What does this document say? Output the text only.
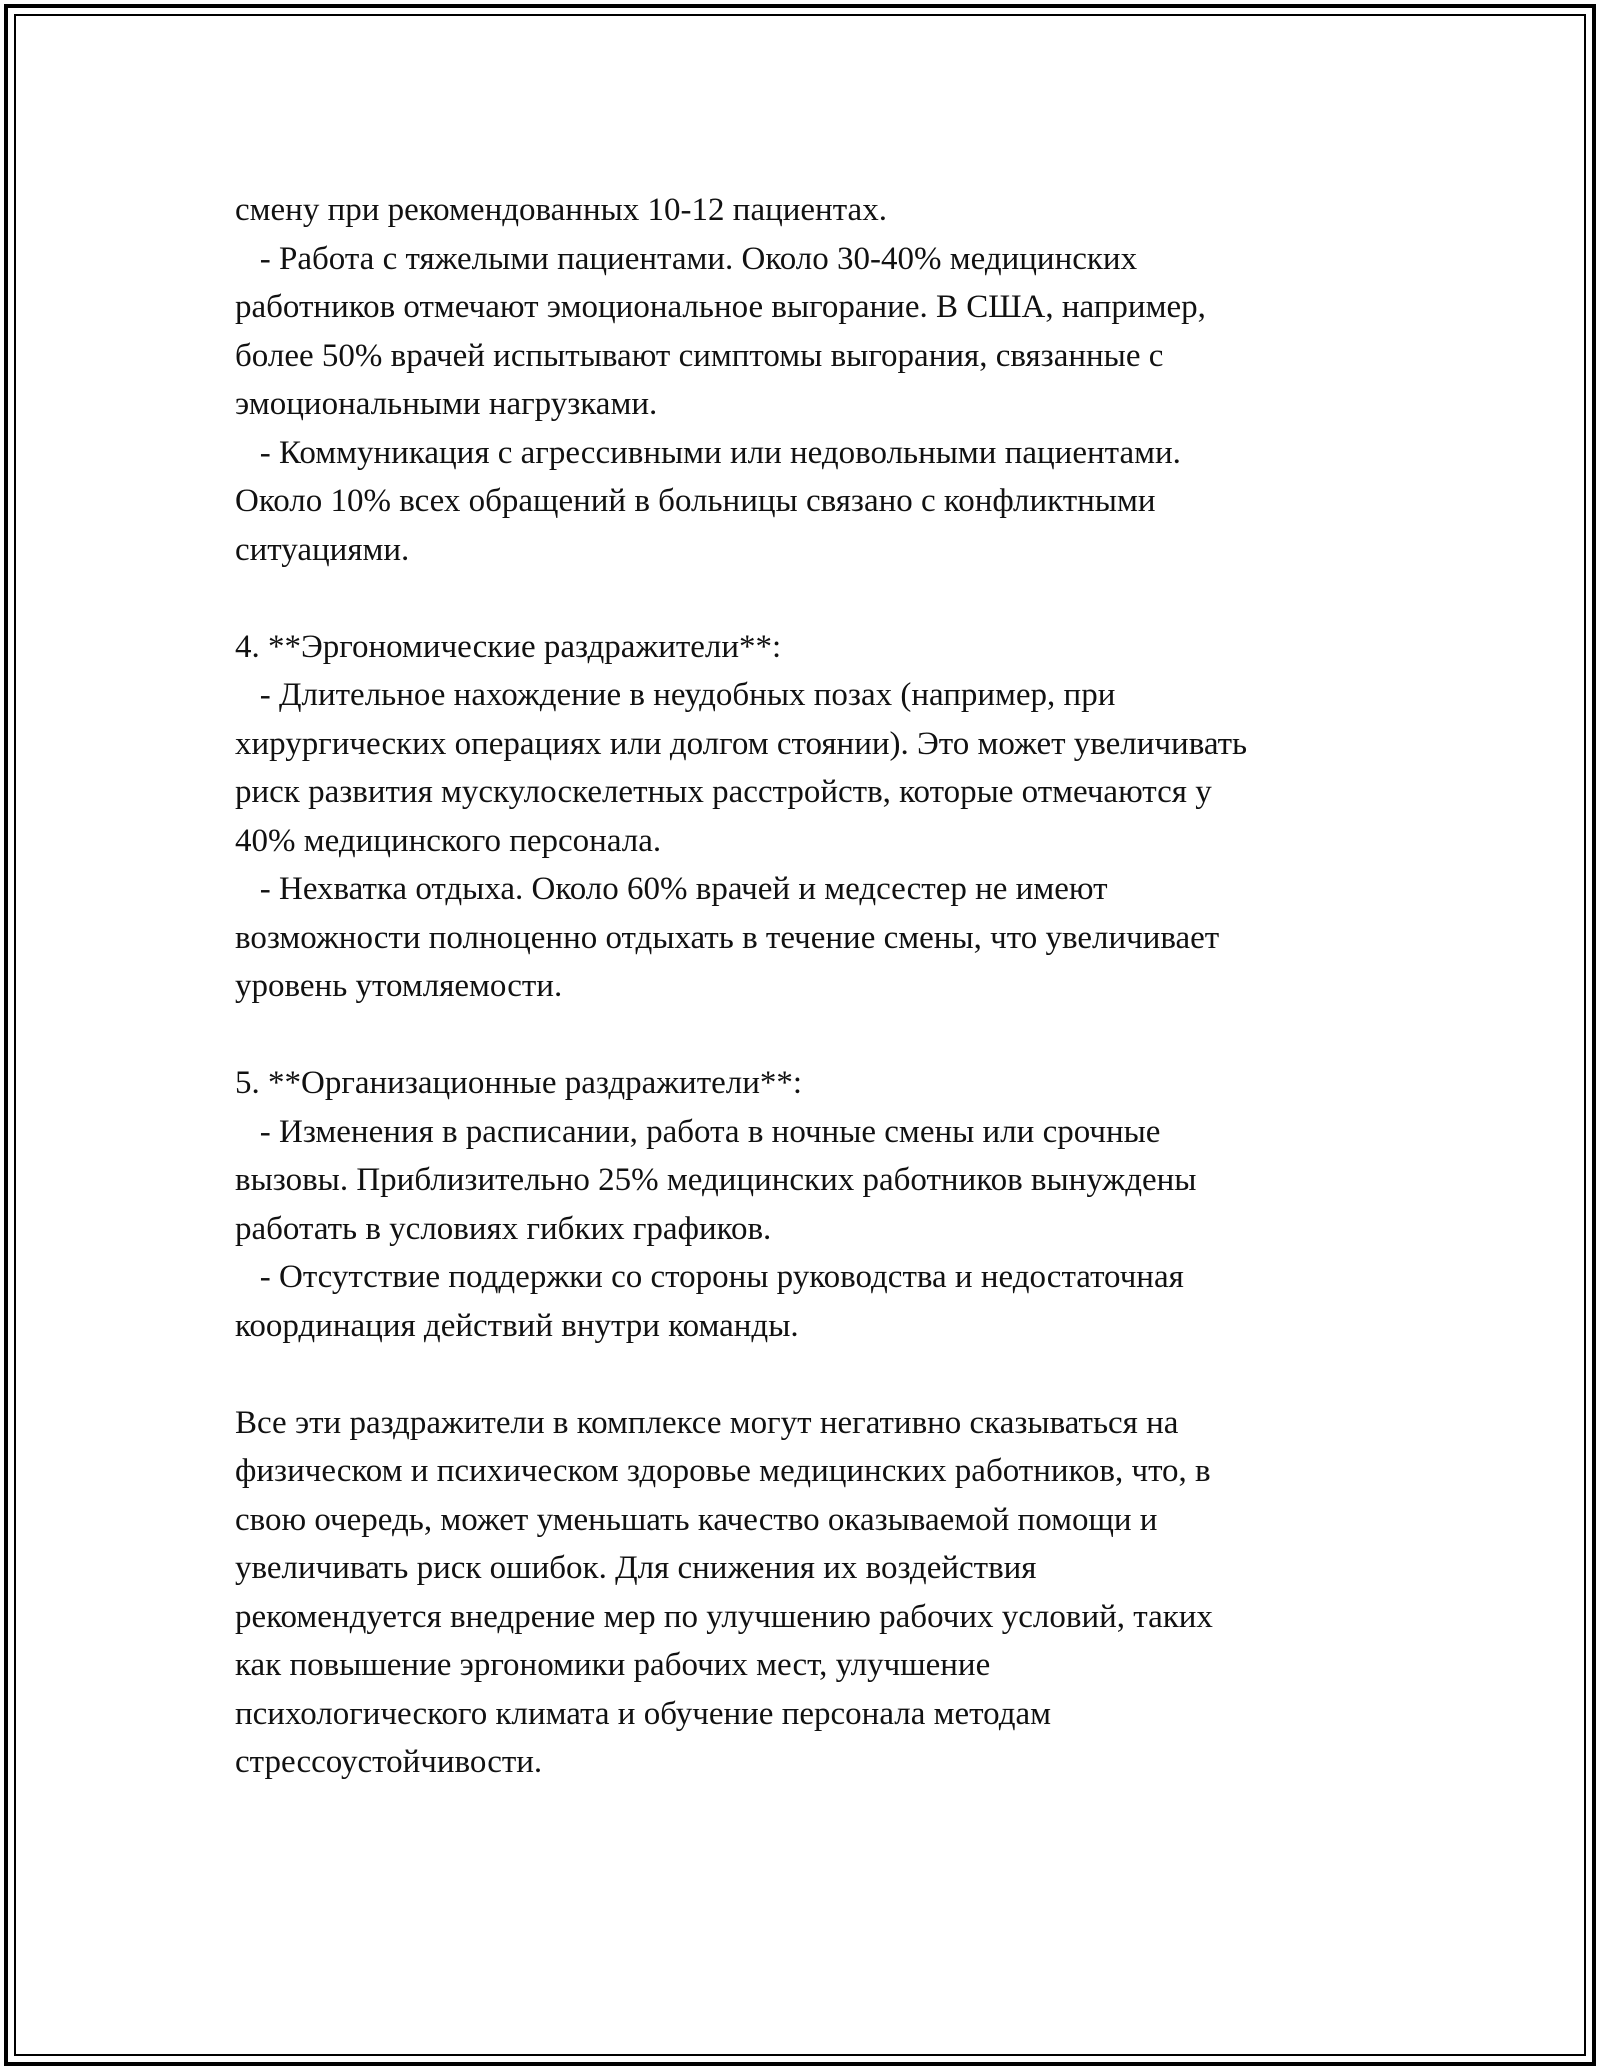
смену при рекомендованных 10-12 пациентах.
- Работа с тяжелыми пациентами. Около 30-40% медицинских
работников отмечают эмоциональное выгорание. В США, например,
более 50% врачей испытывают симптомы выгорания, связанные с
эмоциональными нагрузками.
- Коммуникация с агрессивными или недовольными пациентами.
Около 10% всех обращений в больницы связано с конфликтными
ситуациями.
4. **Эргономические раздражители**:
- Длительное нахождение в неудобных позах (например, при
хирургических операциях или долгом стоянии). Это может увеличивать
риск развития мускулоскелетных расстройств, которые отмечаются у
40% медицинского персонала.
- Нехватка отдыха. Около 60% врачей и медсестер не имеют
возможности полноценно отдыхать в течение смены, что увеличивает
уровень утомляемости.
5. **Организационные раздражители**:
- Изменения в расписании, работа в ночные смены или срочные
вызовы. Приблизительно 25% медицинских работников вынуждены
работать в условиях гибких графиков.
- Отсутствие поддержки со стороны руководства и недостаточная
координация действий внутри команды.
Все эти раздражители в комплексе могут негативно сказываться на
физическом и психическом здоровье медицинских работников, что, в
свою очередь, может уменьшать качество оказываемой помощи и
увеличивать риск ошибок. Для снижения их воздействия
рекомендуется внедрение мер по улучшению рабочих условий, таких
как повышение эргономики рабочих мест, улучшение
психологического климата и обучение персонала методам
стрессоустойчивости.
